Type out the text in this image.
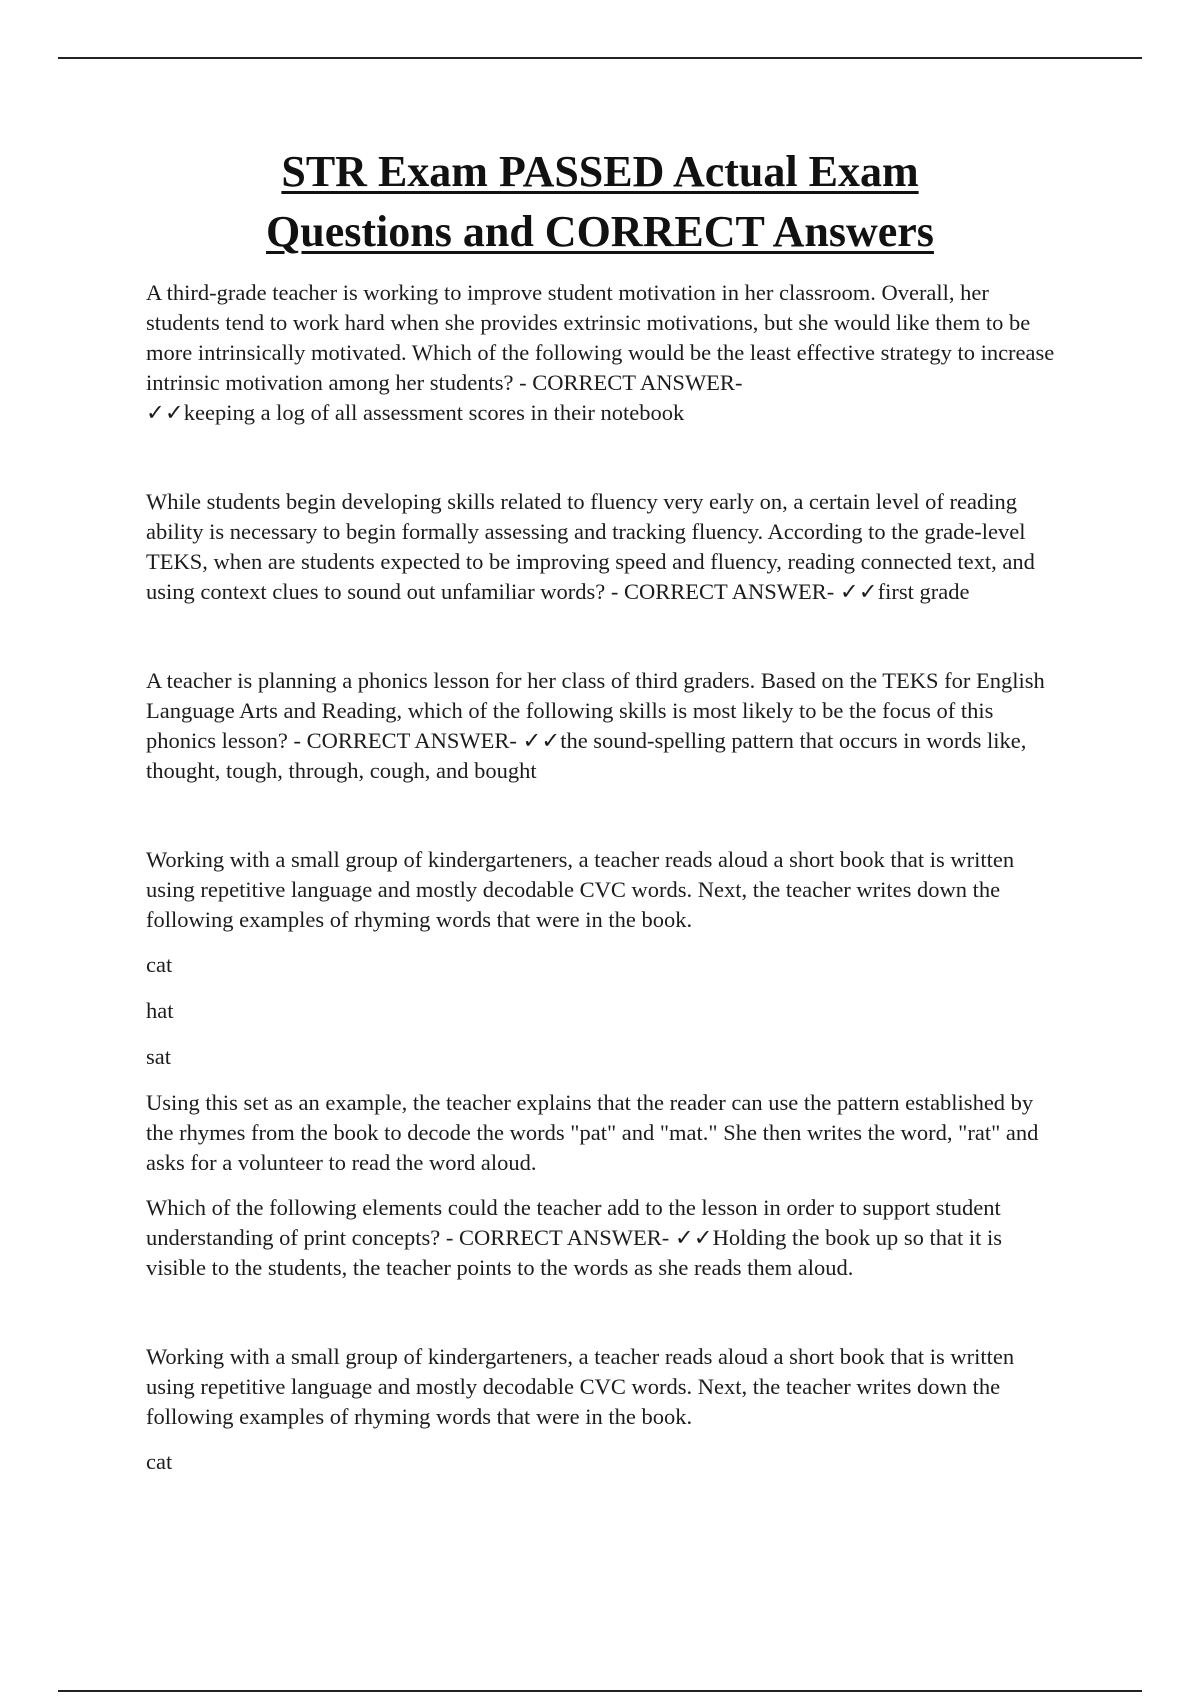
STR Exam PASSED Actual Exam
Questions and CORRECT Answers

A third-grade teacher is working to improve student motivation in her classroom. Overall, her students tend to work hard when she provides extrinsic motivations, but she would like them to be more intrinsically motivated. Which of the following would be the least effective strategy to increase intrinsic motivation among her students? - CORRECT ANSWER-
✓✓keeping a log of all assessment scores in their notebook

While students begin developing skills related to fluency very early on, a certain level of reading ability is necessary to begin formally assessing and tracking fluency. According to the grade-level TEKS, when are students expected to be improving speed and fluency, reading connected text, and using context clues to sound out unfamiliar words? - CORRECT ANSWER- ✓✓first grade

A teacher is planning a phonics lesson for her class of third graders. Based on the TEKS for English Language Arts and Reading, which of the following skills is most likely to be the focus of this phonics lesson? - CORRECT ANSWER- ✓✓the sound-spelling pattern that occurs in words like, thought, tough, through, cough, and bought

Working with a small group of kindergarteners, a teacher reads aloud a short book that is written using repetitive language and mostly decodable CVC words. Next, the teacher writes down the following examples of rhyming words that were in the book.

cat

hat

sat

Using this set as an example, the teacher explains that the reader can use the pattern established by the rhymes from the book to decode the words "pat" and "mat." She then writes the word, "rat" and asks for a volunteer to read the word aloud.

Which of the following elements could the teacher add to the lesson in order to support student understanding of print concepts? - CORRECT ANSWER- ✓✓Holding the book up so that it is visible to the students, the teacher points to the words as she reads them aloud.

Working with a small group of kindergarteners, a teacher reads aloud a short book that is written using repetitive language and mostly decodable CVC words. Next, the teacher writes down the following examples of rhyming words that were in the book.

cat
